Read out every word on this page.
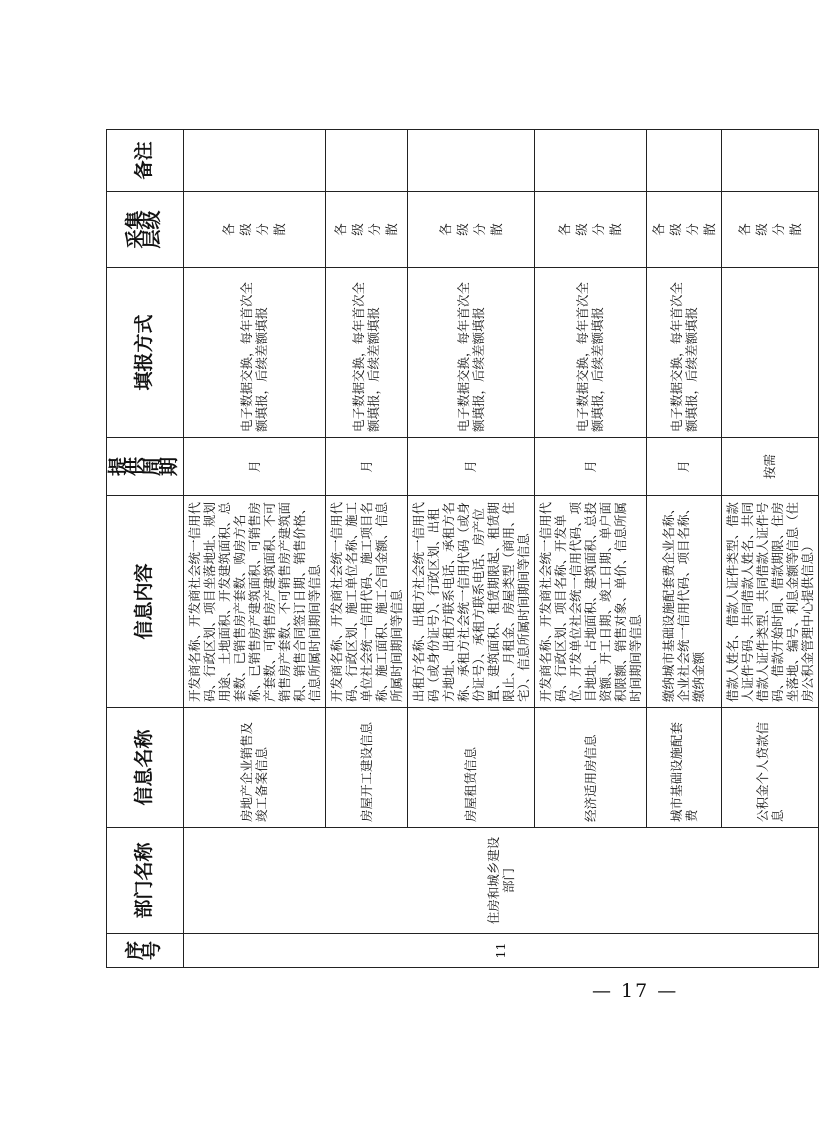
序号	部门名称	信息名称	信息内容	提供周期	填报方式	采集层级	备注
11	住房和城乡建设部门	房地产企业销售及竣工备案信息	开发商名称、开发商社会统一信用代码、行政区划、项目坐落地址、规划用途、土地面积、开发建筑面积、总套数、已销售房产套数、购房方名称、已销售房产建筑面积、可销售房产套数、可销售房产建筑面积、不可销售房产套数、不可销售房产建筑面积、销售合同签订日期、销售价格、信息所属时间期间等信息	月	电子数据交换，每年首次全额填报，后续差额填报	各级分散	
		房屋开工建设信息	开发商名称、开发商社会统一信用代码、行政区划、施工单位名称、施工单位社会统一信用代码、施工项目名称、施工面积、施工合同金额、信息所属时间期间等信息	月	电子数据交换，每年首次全额填报，后续差额填报	各级分散	
		房屋租赁信息	出租方名称、出租方社会统一信用代码（或身份证号）、行政区划、出租方地址、出租方联系电话、承租方名称、承租方社会统一信用代码（或身份证号）、承租方联系电话、房产位置、建筑面积、租赁期限起、租赁期限止、月租金、房屋类型（商用、住宅）、信息所属时间期间等信息	月	电子数据交换，每年首次全额填报，后续差额填报	各级分散	
		经济适用房信息	开发商名称、开发商社会统一信用代码、行政区划、项目名称、开发单位、开发单位社会统一信用代码、项目地址、占地面积、建筑面积、总投资额、开工日期、竣工日期、单户面积限额、销售对象、单价、信息所属时间期间等信息	月	电子数据交换，每年首次全额填报，后续差额填报	各级分散	
		城市基础设施配套费	缴纳城市基础设施配套费企业名称、企业社会统一信用代码、项目名称、缴纳金额	月	电子数据交换，每年首次全额填报，后续差额填报	各级分散	
		公积金个人贷款信息	借款人姓名、借款人证件类型、借款人证件号码、共同借款人姓名、共同借款人证件类型、共同借款人证件号码、借款开始时间、借款期限、住房坐落地、编号、利息金额等信息（住房公积金管理中心提供信息）	按需		各级分散	
— 17 —
